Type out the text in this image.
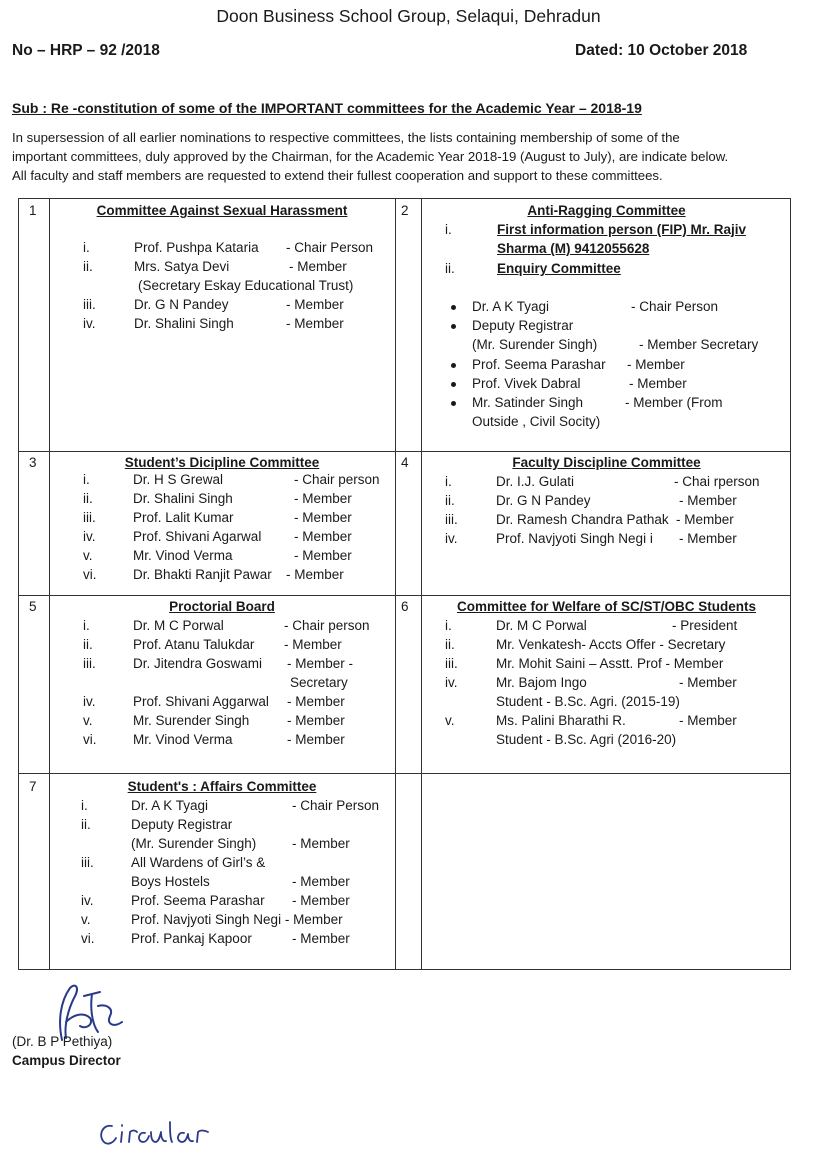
Doon Business School Group, Selaqui, Dehradun
No – HRP – 92 /2018	Dated: 10 October 2018
Sub : Re -constitution of some of the IMPORTANT committees for the Academic Year – 2018-19
In supersession of all earlier nominations to respective committees, the lists containing membership of some of the
important committees, duly approved by the Chairman, for the Academic Year 2018-19 (August to July), are indicate below.
All faculty and staff members are requested to extend their fullest cooperation and support to these committees.
1	Committee Against Sexual Harassment
i.	Prof. Pushpa Kataria - Chair Person
ii.	Mrs. Satya Devi	- Member
(Secretary Eskay Educational Trust)
iii.	Dr. G N Pandey	- Member
iv.	Dr. Shalini Singh	- Member
2	Anti-Ragging Committee
i.	First information person (FIP) Mr. Rajiv
Sharma (M) 9412055628
ii.	Enquiry Committee
Dr. A K Tyagi	- Chair Person
Deputy Registrar
(Mr. Surender Singh)	- Member Secretary
Prof. Seema Parashar - Member
Prof. Vivek Dabral	- Member
Mr. Satinder Singh	- Member (From
Outside , Civil Socity)
3	Student’s Dicipline Committee
i.	Dr. H S Grewal	- Chair person
ii.	Dr. Shalini Singh	- Member
iii.	Prof. Lalit Kumar	- Member
iv.	Prof. Shivani Agarwal - Member
v.	Mr. Vinod Verma	- Member
vi.	Dr. Bhakti Ranjit Pawar - Member
4	Faculty Discipline Committee
i.	Dr. I.J. Gulati	- Chai rperson
ii.	Dr. G N Pandey	- Member
iii.	Dr. Ramesh Chandra Pathak - Member
iv.	Prof. Navjyoti Singh Negi i - Member
5	Proctorial Board
i.	Dr. M C Porwal	- Chair person
ii.	Prof. Atanu Talukdar - Member
iii.	Dr. Jitendra Goswami - Member -
Secretary
iv.	Prof. Shivani Aggarwal - Member
v.	Mr. Surender Singh	- Member
vi.	Mr. Vinod Verma	- Member
6	Committee for Welfare of SC/ST/OBC Students
i.	Dr. M C Porwal	- President
ii.	Mr. Venkatesh- Accts Offer - Secretary
iii.	Mr. Mohit Saini – Asstt. Prof - Member
iv.	Mr. Bajom Ingo	- Member
Student - B.Sc. Agri. (2015-19)
v.	Ms. Palini Bharathi R.	- Member
Student - B.Sc. Agri (2016-20)
7	Student's : Affairs Committee
i.	Dr. A K Tyagi	- Chair Person
ii.	Deputy Registrar
(Mr. Surender Singh)	- Member
iii.	All Wardens of Girl’s &
Boys Hostels	- Member
iv.	Prof. Seema Parashar - Member
v.	Prof. Navjyoti Singh Negi - Member
vi.	Prof. Pankaj Kapoor	- Member
(Dr. B P Pethiya)
Campus Director
